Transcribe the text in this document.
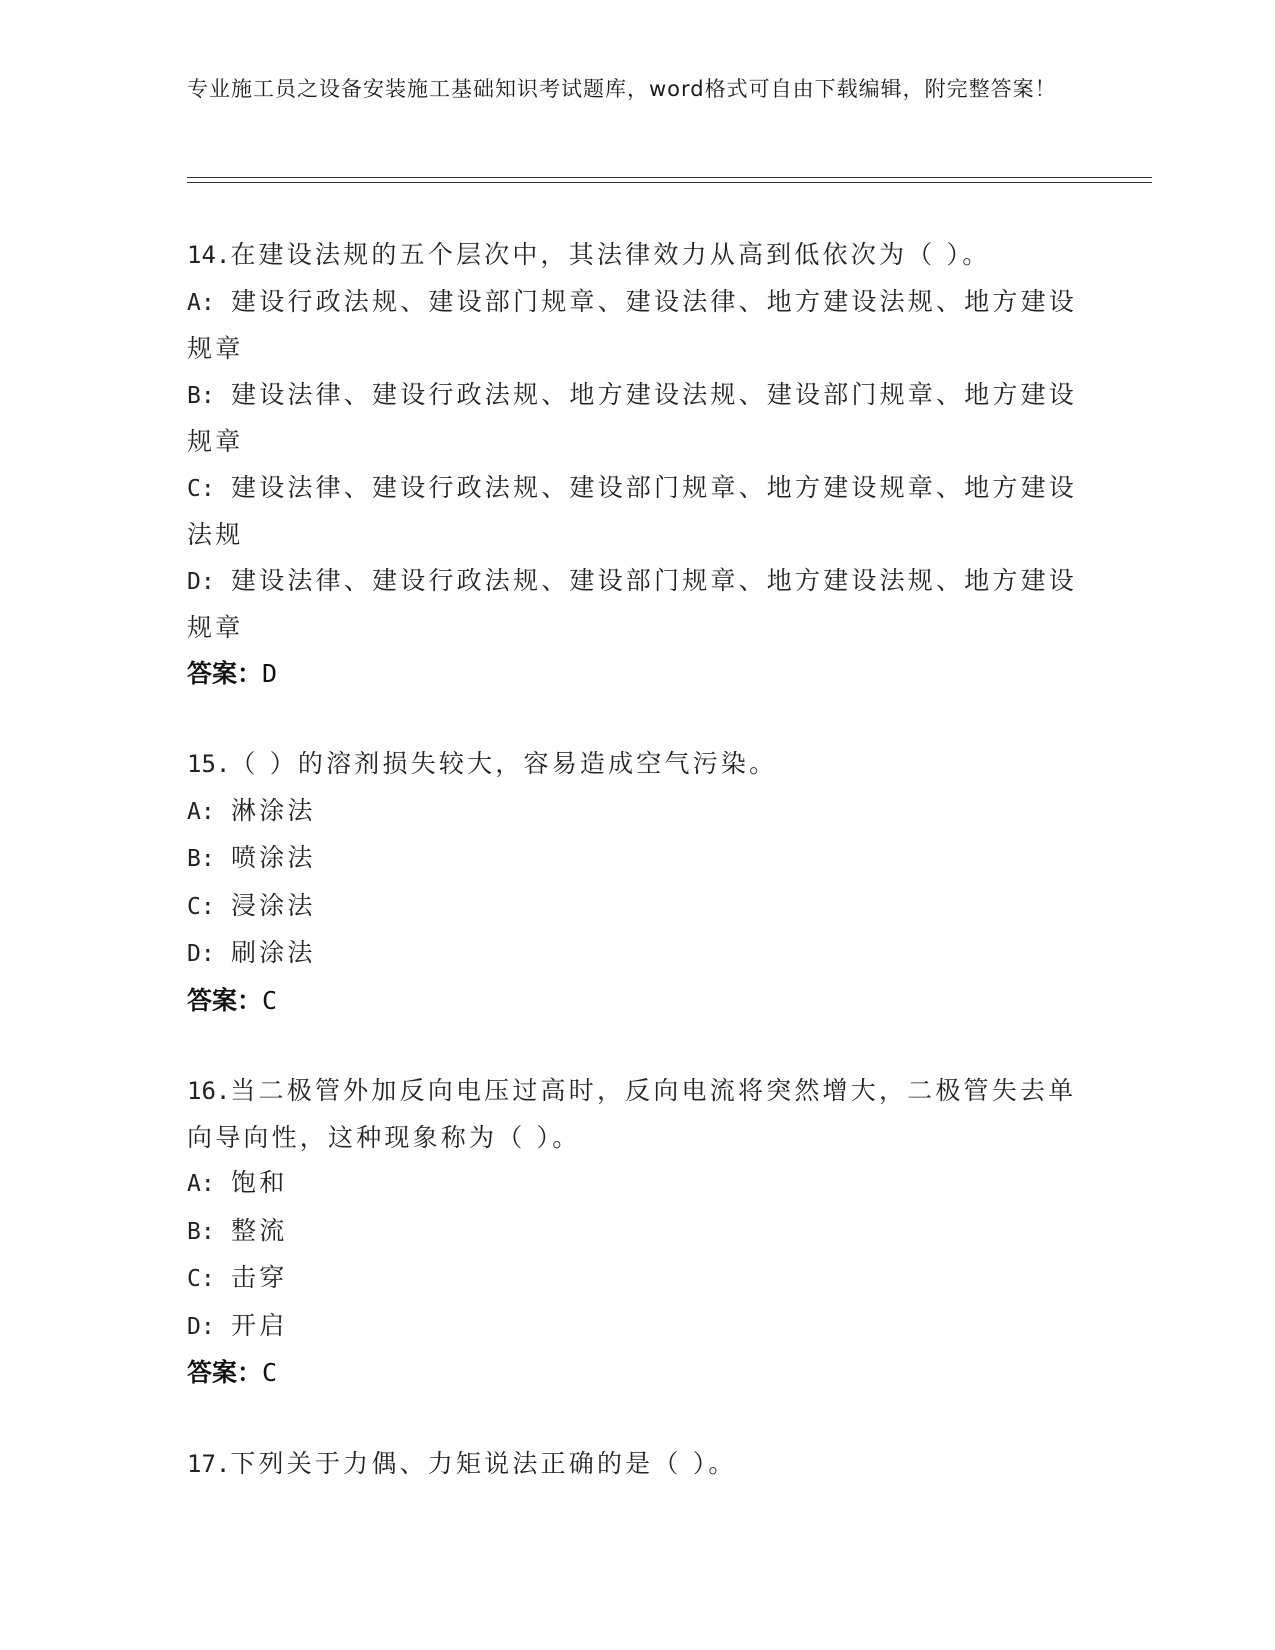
专业施工员之设备安装施工基础知识考试题库，word格式可自由下载编辑，附完整答案！
14.在建设法规的五个层次中，其法律效力从高到低依次为（ ）。
A: 建设行政法规、建设部门规章、建设法律、地方建设法规、地方建设规章
B: 建设法律、建设行政法规、地方建设法规、建设部门规章、地方建设规章
C: 建设法律、建设行政法规、建设部门规章、地方建设规章、地方建设法规
D: 建设法律、建设行政法规、建设部门规章、地方建设法规、地方建设规章
答案：D
15.（ ）的溶剂损失较大，容易造成空气污染。
A: 淋涂法
B: 喷涂法
C: 浸涂法
D: 刷涂法
答案：C
16.当二极管外加反向电压过高时，反向电流将突然增大，二极管失去单向导向性，这种现象称为（ ）。
A: 饱和
B: 整流
C: 击穿
D: 开启
答案：C
17.下列关于力偶、力矩说法正确的是（ ）。
